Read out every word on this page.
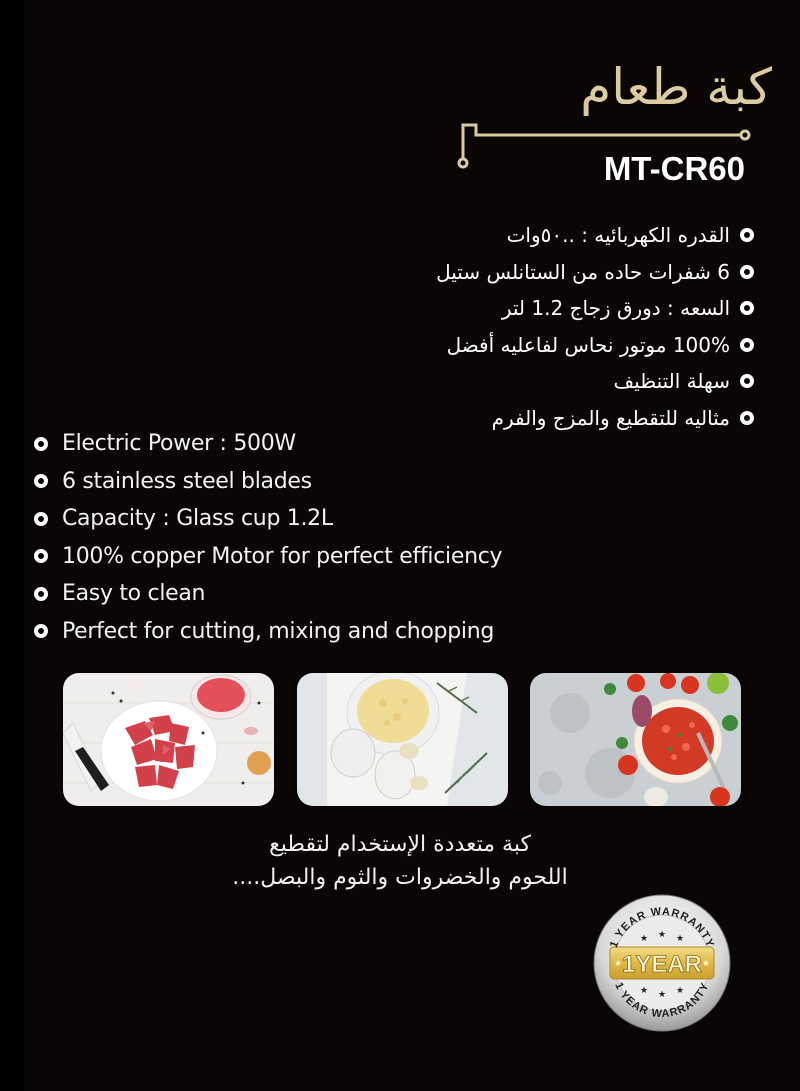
كبة طعام
MT-CR60
القدره الكهربائيه : ..٥٠وات
6 شفرات حاده من الستانلس ستيل
السعه : دورق زجاج 1.2 لتر
100% موتور نحاس لفاعليه أفضل
سهلة التنظيف
مثاليه للتقطيع والمزج والفرم
Electric Power : 500W
6 stainless steel blades
Capacity : Glass cup 1.2L
100% copper Motor for perfect efficiency
Easy to clean
Perfect for cutting, mixing and chopping
كبة متعددة الإستخدام لتقطيع
اللحوم والخضروات والثوم والبصل....
1 YEAR WARRANTY
1 YEAR WARRANTY
1YEAR
★ ★ ★
★ ★ ★
★	★
